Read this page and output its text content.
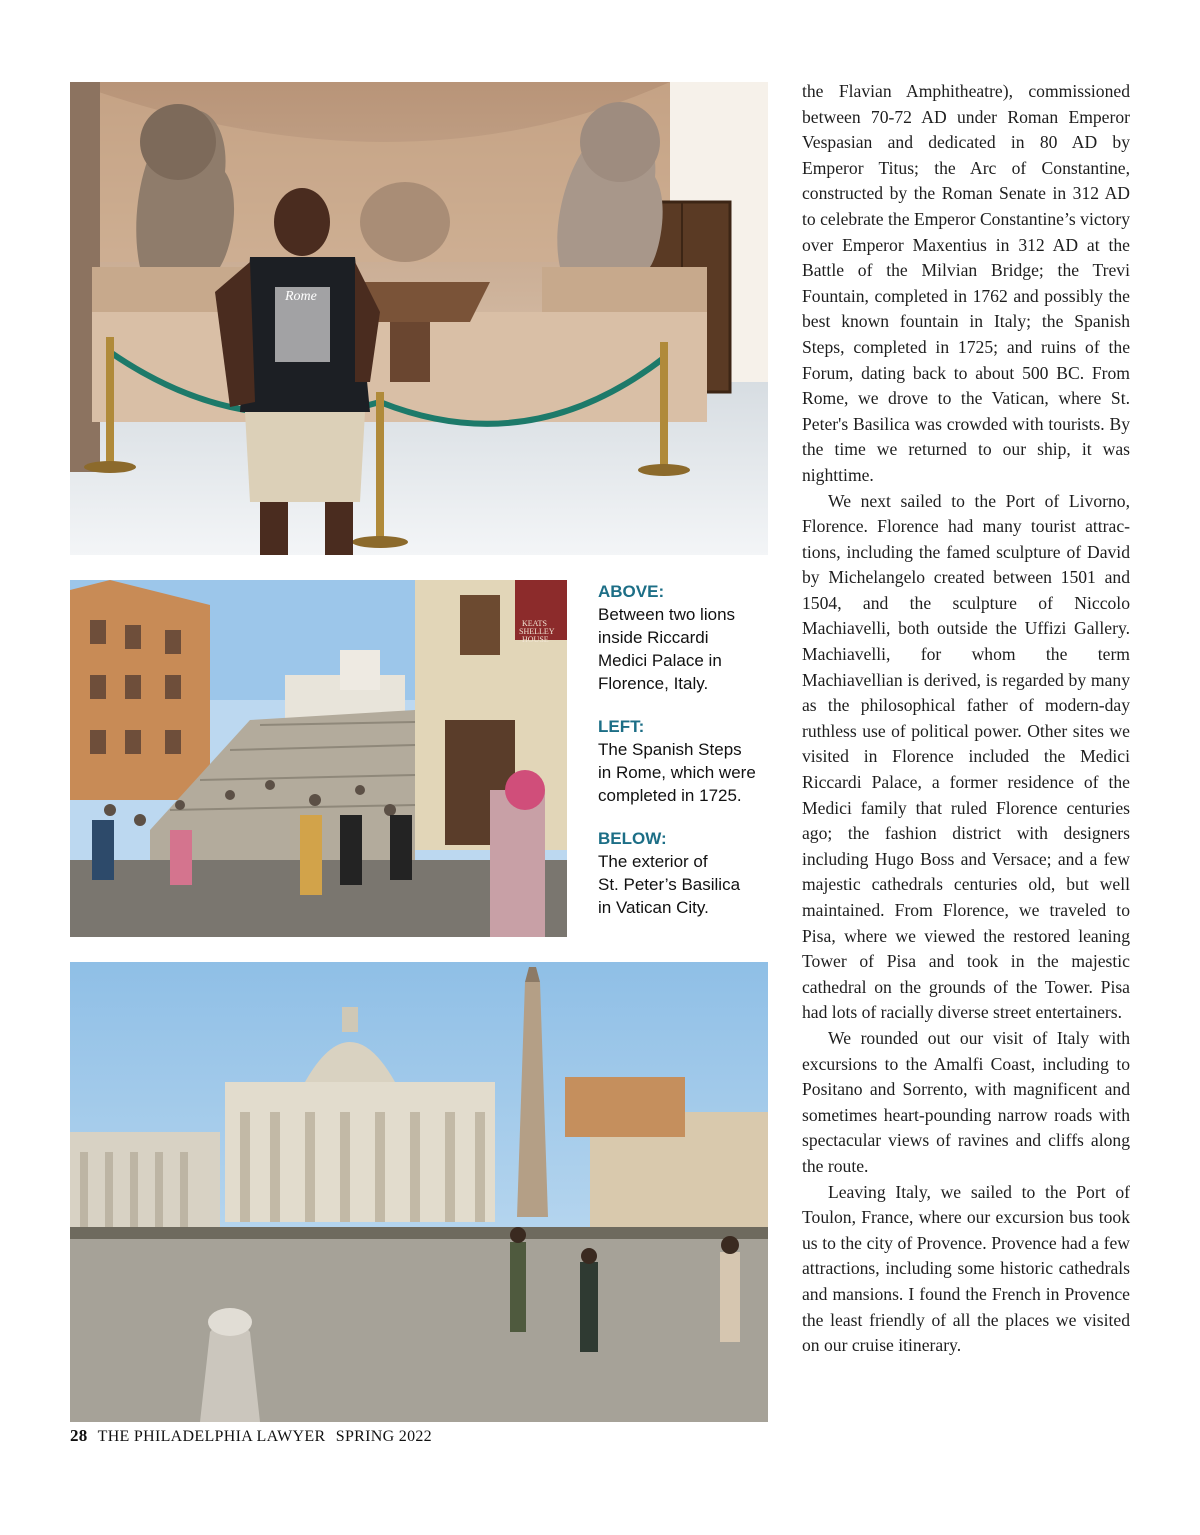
Rome
KEATS
SHELLEY
HOUSE
ABOVE:
Between two lions
inside Riccardi
Medici Palace in
Florence, Italy.
LEFT:
The Spanish Steps
in Rome, which were
completed in 1725.
BELOW:
The exterior of
St. Peter’s Basilica
in Vatican City.

the Flavian Amphitheatre), commissioned between 70-72 AD under Roman Emperor Vespasian and dedicated in 80 AD by Emperor Titus; the Arc of Constantine, constructed by the Roman Senate in 312 AD to celebrate the Emperor Constantine’s victory over Emperor Maxentius in 312 AD at the Battle of the Milvian Bridge; the Trevi Fountain, completed in 1762 and possibly the best known fountain in Italy; the Spanish Steps, completed in 1725; and ruins of the Forum, dating back to about 500 BC. From Rome, we drove to the Vatican, where St. Peter's Basilica was crowded with tourists. By the time we returned to our ship, it was nighttime.

We next sailed to the Port of Livorno, Florence. Florence had many tourist attractions, including the famed sculpture of David by Michelangelo created between 1501 and 1504, and the sculpture of Niccolo Machiavelli, both outside the Uffizi Gallery. Machiavelli, for whom the term Machiavellian is derived, is regarded by many as the philosophical father of modern-day ruthless use of political power. Other sites we visited in Florence included the Medici Riccardi Palace, a former residence of the Medici family that ruled Florence centuries ago; the fashion district with designers including Hugo Boss and Versace; and a few majestic cathedrals centuries old, but well maintained. From Florence, we traveled to Pisa, where we viewed the restored leaning Tower of Pisa and took in the majestic cathedral on the grounds of the Tower. Pisa had lots of racially diverse street entertainers.

We rounded out our visit of Italy with excursions to the Amalfi Coast, including to Positano and Sorrento, with magnificent and sometimes heart-pounding narrow roads with spectacular views of ravines and cliffs along the route.

Leaving Italy, we sailed to the Port of Toulon, France, where our excursion bus took us to the city of Provence. Provence had a few attractions, including some historic cathedrals and mansions. I found the French in Provence the least friendly of all the places we visited on our cruise itinerary.

28 THE PHILADELPHIA LAWYER SPRING 2022
